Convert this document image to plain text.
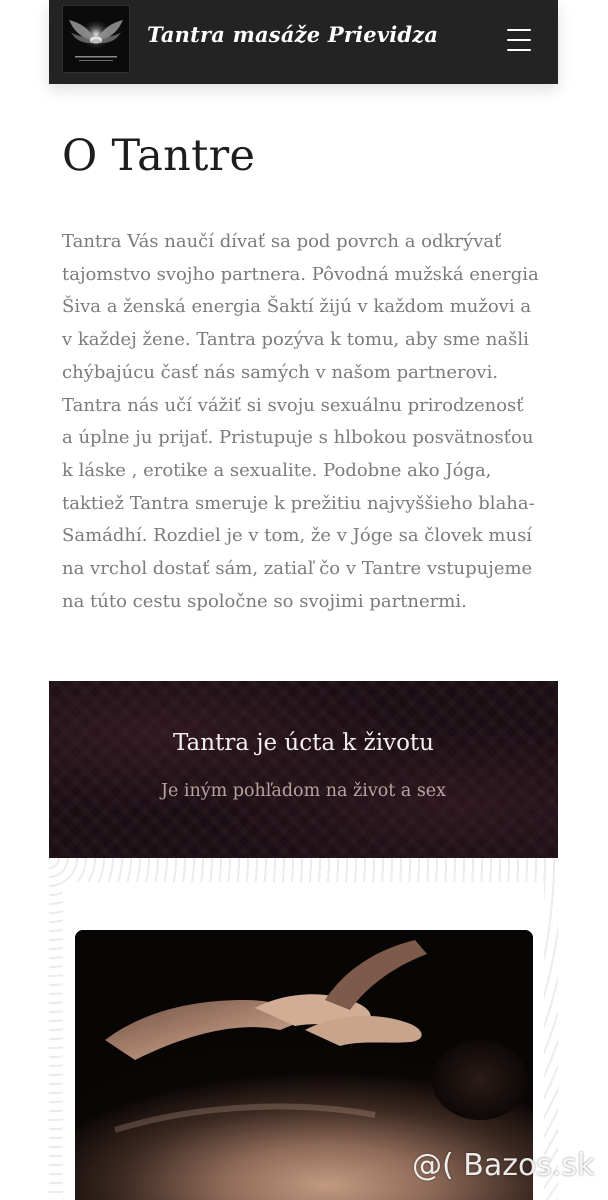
Tantra masáže Prievidza
O Tantre

Tantra Vás naučí dívať sa pod povrch a odkrývať
tajomstvo svojho partnera. Pôvodná mužská energia
Šiva a ženská energia Šaktí žijú v každom mužovi a
v každej žene. Tantra pozýva k tomu, aby sme našli
chýbajúcu časť nás samých v našom partnerovi.
Tantra nás učí vážiť si svoju sexuálnu prirodzenosť
a úplne ju prijať. Pristupuje s hlbokou posvätnosťou
k láske , erotike a sexualite. Podobne ako Jóga,
taktiež Tantra smeruje k prežitiu najvyššieho blaha-
Samádhí. Rozdiel je v tom, že v Jóge sa človek musí
na vrchol dostať sám, zatiaľ čo v Tantre vstupujeme
na túto cestu spoločne so svojimi partnermi.

Tantra je úcta k životu
Je iným pohľadom na život a sex
@( Bazos.sk
